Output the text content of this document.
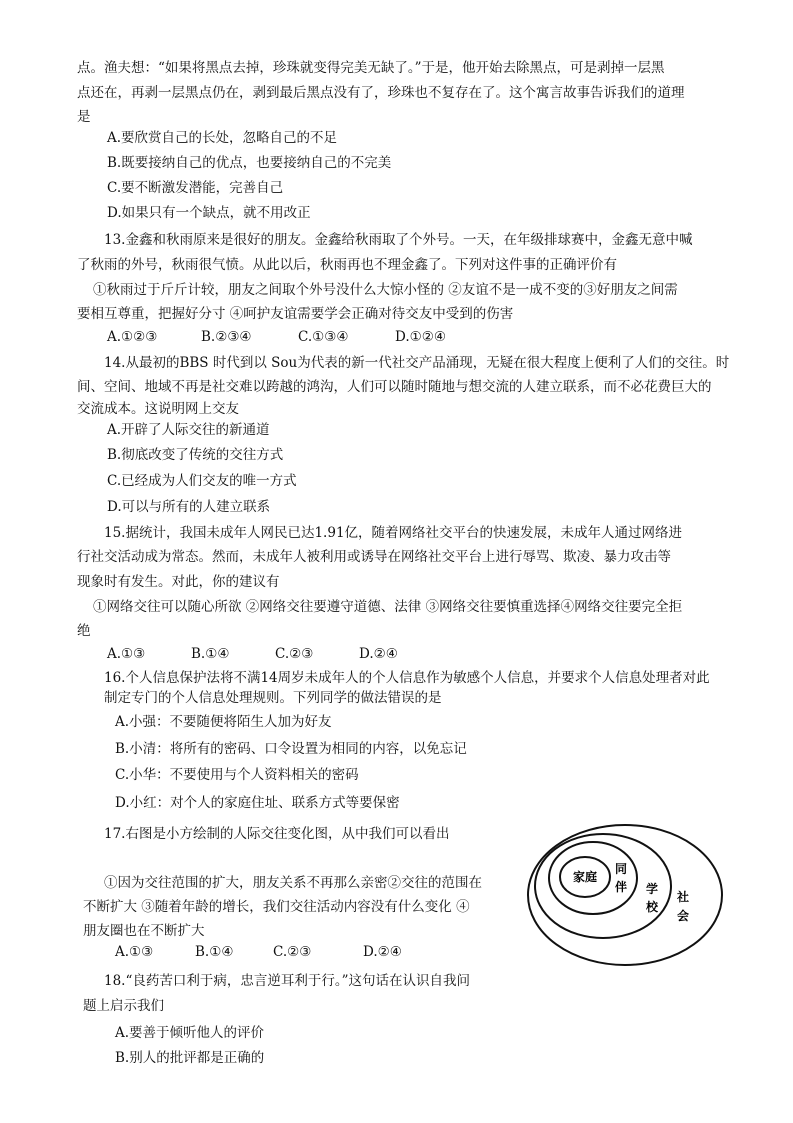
点。渔夫想：“如果将黑点去掉，珍珠就变得完美无缺了。”于是，他开始去除黑点，可是剥掉一层黑
点还在，再剥一层黑点仍在，剥到最后黑点没有了，珍珠也不复存在了。这个寓言故事告诉我们的道理
是
A.要欣赏自己的长处，忽略自己的不足
B.既要接纳自己的优点，也要接纳自己的不完美
C.要不断激发潜能，完善自己
D.如果只有一个缺点，就不用改正
13.金鑫和秋雨原来是很好的朋友。金鑫给秋雨取了个外号。一天，在年级排球赛中，金鑫无意中喊
了秋雨的外号，秋雨很气愤。从此以后，秋雨再也不理金鑫了。下列对这件事的正确评价有
①秋雨过于斤斤计较，朋友之间取个外号没什么大惊小怪的 ②友谊不是一成不变的③好朋友之间需
要相互尊重，把握好分寸 ④呵护友谊需要学会正确对待交友中受到的伤害
A.①②③	B.②③④	C.①③④	D.①②④
14.从最初的BBS 时代到以 Sou为代表的新一代社交产品涌现，无疑在很大程度上便利了人们的交往。时
间、空间、地域不再是社交难以跨越的鸿沟，人们可以随时随地与想交流的人建立联系，而不必花费巨大的
交流成本。这说明网上交友
A.开辟了人际交往的新通道
B.彻底改变了传统的交往方式
C.已经成为人们交友的唯一方式
D.可以与所有的人建立联系
15.据统计，我国未成年人网民已达1.91亿，随着网络社交平台的快速发展，未成年人通过网络进
行社交活动成为常态。然而，未成年人被利用或诱导在网络社交平台上进行辱骂、欺凌、暴力攻击等
现象时有发生。对此，你的建议有
①网络交往可以随心所欲 ②网络交往要遵守道德、法律 ③网络交往要慎重选择④网络交往要完全拒
绝
A.①③	B.①④	C.②③	D.②④
16.个人信息保护法将不满14周岁未成年人的个人信息作为敏感个人信息，并要求个人信息处理者对此
制定专门的个人信息处理规则。下列同学的做法错误的是
A.小强：不要随便将陌生人加为好友
B.小清：将所有的密码、口令设置为相同的内容，以免忘记
C.小华：不要使用与个人资料相关的密码
D.小红：对个人的家庭住址、联系方式等要保密
17.右图是小方绘制的人际交往变化图，从中我们可以看出
①因为交往范围的扩大，朋友关系不再那么亲密②交往的范围在
不断扩大 ③随着年龄的增长，我们交往活动内容没有什么变化 ④
朋友圈也在不断扩大
A.①③	B.①④	C.②③	D.②④
家庭
同
伴 学
校
社
会
18.“良药苦口利于病，忠言逆耳利于行。”这句话在认识自我问
题上启示我们
A.要善于倾听他人的评价
B.别人的批评都是正确的
